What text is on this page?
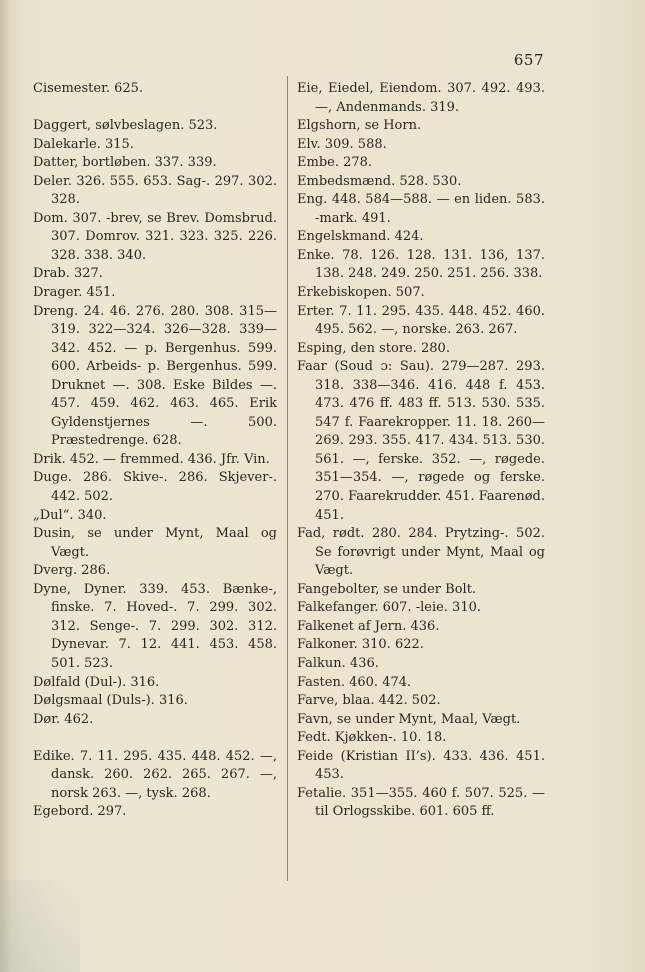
657
Cisemester. 625.
Daggert, sølvbeslagen. 523.
Dalekarle. 315.
Datter, bortløben. 337. 339.
Deler. 326. 555. 653. Sag-. 297. 302. 328.
Dom. 307. -brev, se Brev. Domsbrud. 307. Domrov. 321. 323. 325. 226. 328. 338. 340.
Drab. 327.
Drager. 451.
Dreng. 24. 46. 276. 280. 308. 315—319. 322—324. 326—328. 339—342. 452. — p. Bergenhus. 599. 600. Arbeids- p. Bergenhus. 599. Druknet —. 308. Eske Bildes —. 457. 459. 462. 463. 465. Erik Gyldenstjernes —. 500. Præstedrenge. 628.
Drik. 452. — fremmed. 436. Jfr. Vin.
Duge. 286. Skive-. 286. Skjever-. 442. 502.
„Dul“. 340.
Dusin, se under Mynt, Maal og Vægt.
Dverg. 286.
Dyne, Dyner. 339. 453. Bænke-, finske. 7. Hoved-. 7. 299. 302. 312. Senge-. 7. 299. 302. 312. Dynevar. 7. 12. 441. 453. 458. 501. 523.
Dølfald (Dul-). 316.
Dølgsmaal (Duls-). 316.
Dør. 462.
Edike. 7. 11. 295. 435. 448. 452. —, dansk. 260. 262. 265. 267. —, norsk 263. —, tysk. 268.
Egebord. 297.
Eie, Eiedel, Eiendom. 307. 492. 493. —, Andenmands. 319.
Elgshorn, se Horn.
Elv. 309. 588.
Embe. 278.
Embedsmænd. 528. 530.
Eng. 448. 584—588. — en liden. 583. -mark. 491.
Engelskmand. 424.
Enke. 78. 126. 128. 131. 136, 137. 138. 248. 249. 250. 251. 256. 338.
Erkebiskopen. 507.
Erter. 7. 11. 295. 435. 448. 452. 460. 495. 562. —, norske. 263. 267.
Esping, den store. 280.
Faar (Soud ɔ: Sau). 279—287. 293. 318. 338—346. 416. 448 f. 453. 473. 476 ff. 483 ff. 513. 530. 535. 547 f. Faarekropper. 11. 18. 260—269. 293. 355. 417. 434. 513. 530. 561. —, ferske. 352. —, røgede. 351—354. —, røgede og ferske. 270. Faarekrudder. 451. Faarenød. 451.
Fad, rødt. 280. 284. Prytzing-. 502. Se forøvrigt under Mynt, Maal og Vægt.
Fangebolter, se under Bolt.
Falkefanger. 607. -leie. 310.
Falkenet af Jern. 436.
Falkoner. 310. 622.
Falkun. 436.
Fasten. 460. 474.
Farve, blaa. 442. 502.
Favn, se under Mynt, Maal, Vægt.
Fedt. Kjøkken-. 10. 18.
Feide (Kristian II’s). 433. 436. 451. 453.
Fetalie. 351—355. 460 f. 507. 525. — til Orlogsskibe. 601. 605 ff.
